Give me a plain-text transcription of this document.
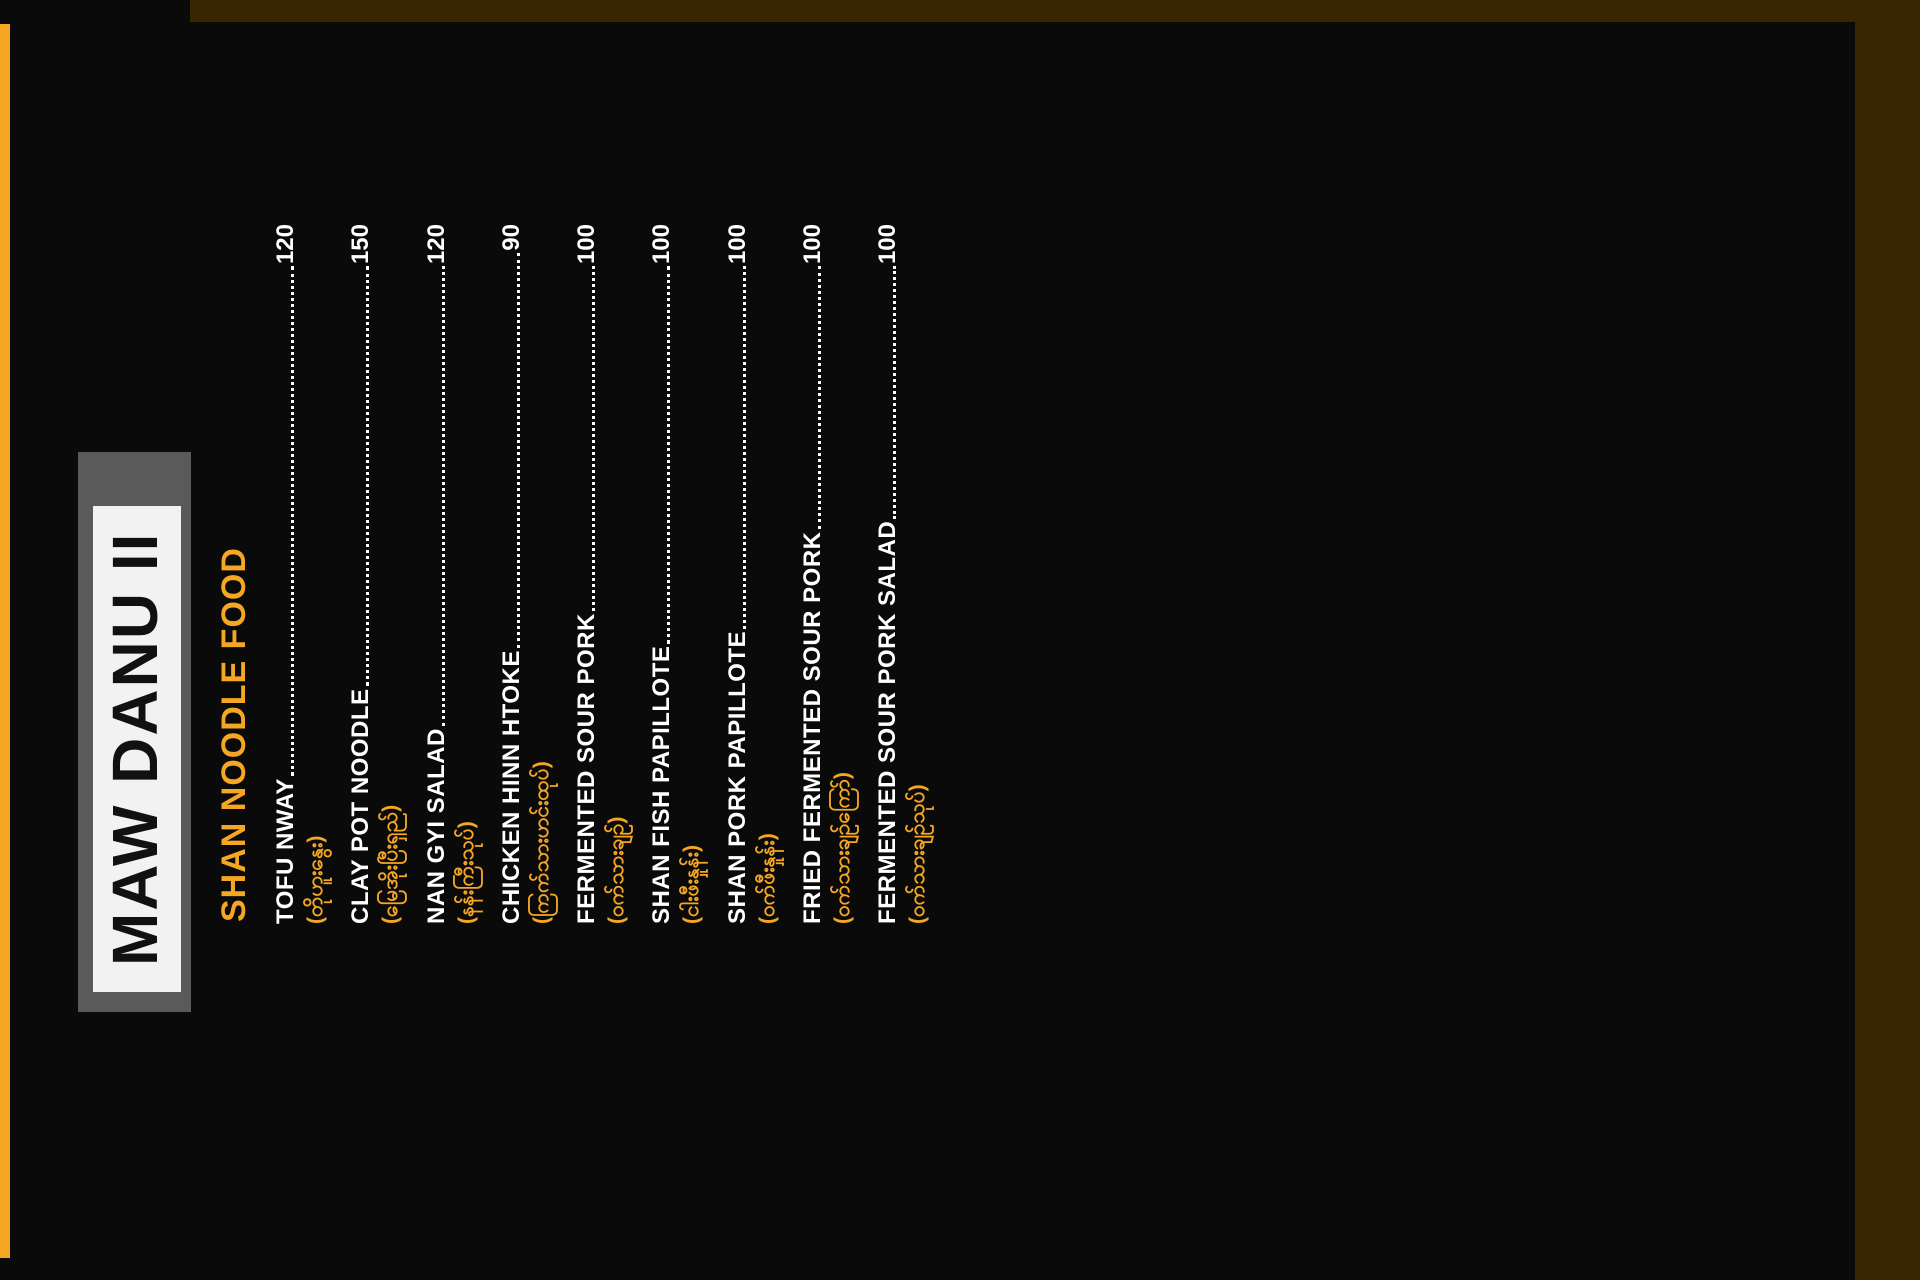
MAW DANU II SHAN NOODLE FOOD TOFU NWAY
120
(တိုဟူးနွေး) CLAY POT NOODLE
150
(မြေအိုးပြီးရှည်) NAN GYI SALAD
120
(နန်းကြီးသုပ်) CHICKEN HINN HTOKE
90
(ကြက်သားဟင်းထုပ်) FERMENTED SOUR PORK
100
(ဝက်သားချဉ်) SHAN FISH PAPILLOTE
100
(ငါးဖီးနှုန်း) SHAN PORK PAPILLOTE
100
(ဝက်ဖီးနှုန်း) FRIED FERMENTED SOUR PORK
100
(ဝက်သားချဉ်ကြော်) FERMENTED SOUR PORK SALAD
100
(ဝက်သားချဉ်သုပ်)
